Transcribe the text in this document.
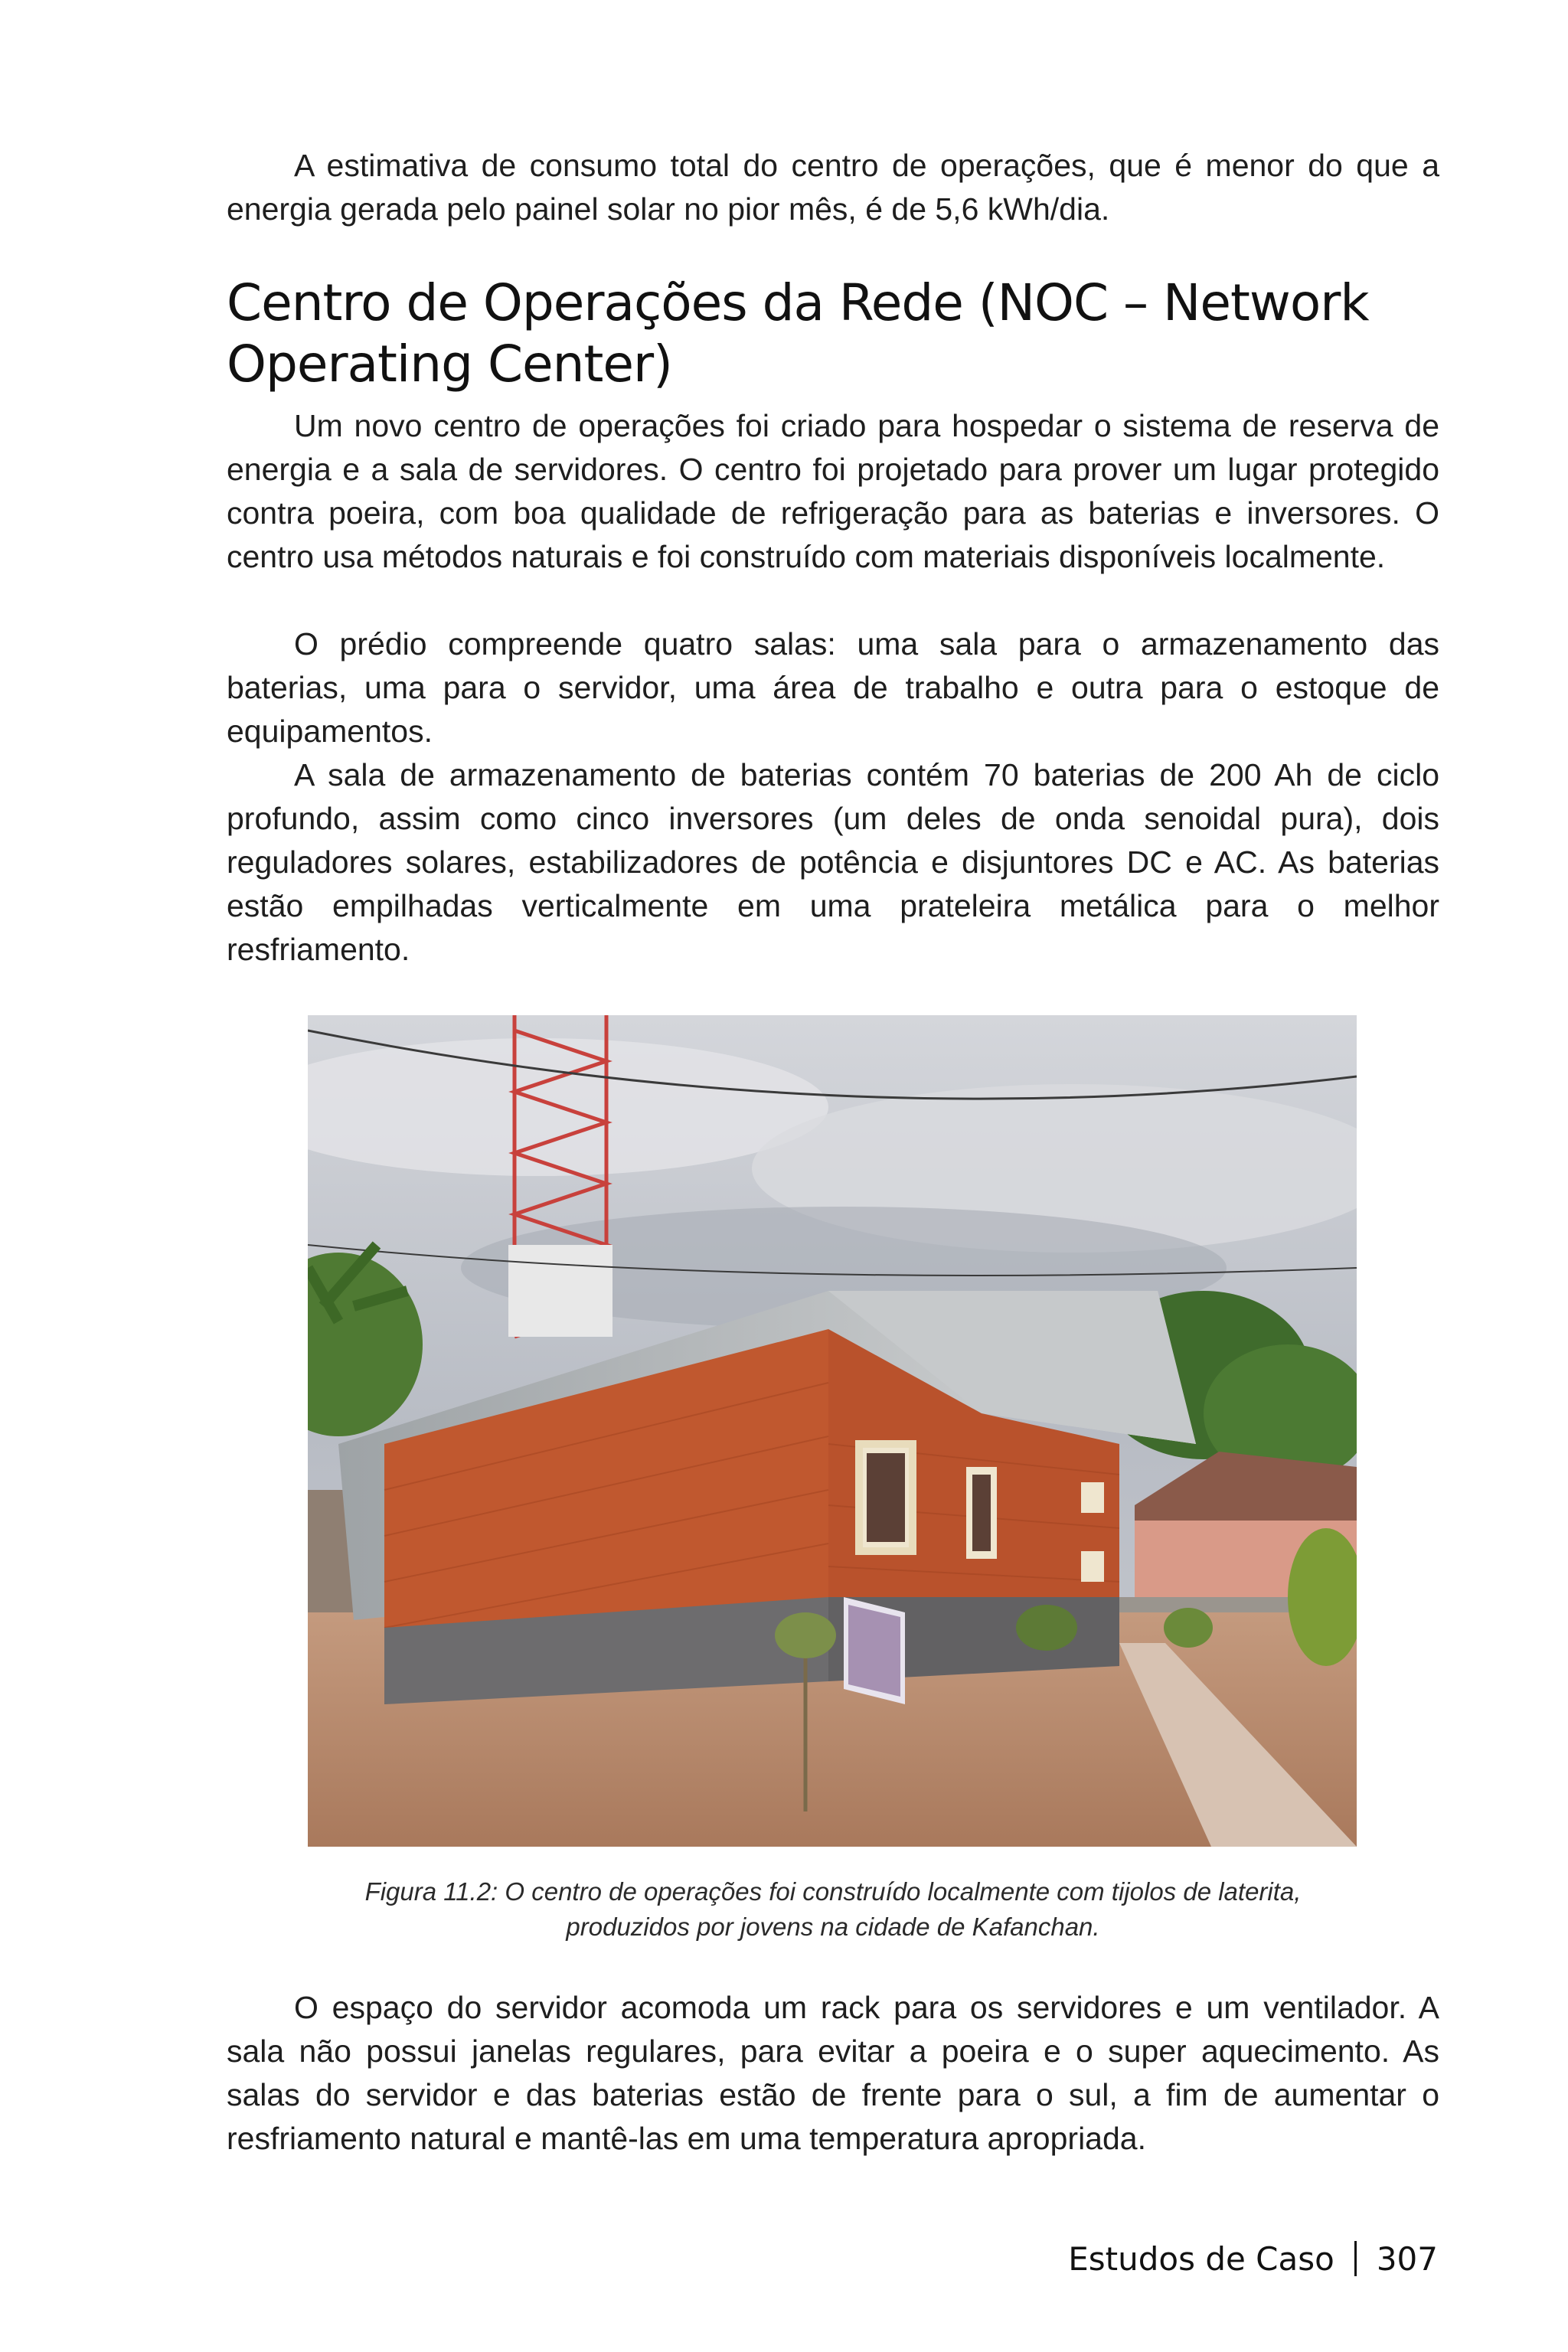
A estimativa de consumo total do centro de operações, que é menor do que a energia gerada pelo painel solar no pior mês, é de 5,6 kWh/dia.

Centro de Operações da Rede (NOC – Network Operating Center)

Um novo centro de operações foi criado para hospedar o sistema de reserva de energia e a sala de servidores. O centro foi projetado para prover um lugar protegido contra poeira, com boa qualidade de refrigeração para as baterias e inversores. O centro usa métodos naturais e foi construído com materiais disponíveis localmente.

O prédio compreende quatro salas: uma sala para o armazenamento das baterias, uma para o servidor, uma área de trabalho e outra para o estoque de equipamentos.

A sala de armazenamento de baterias contém 70 baterias de 200 Ah de ciclo profundo, assim como cinco inversores (um deles de onda senoidal pura), dois reguladores solares, estabilizadores de potência e disjuntores DC e AC. As baterias estão empilhadas verticalmente em uma prateleira metálica para o melhor resfriamento.

Figura 11.2: O centro de operações foi construído localmente com tijolos de laterita,
produzidos por jovens na cidade de Kafanchan.

O espaço do servidor acomoda um rack para os servidores e um ventilador. A sala não possui janelas regulares, para evitar a poeira e o super aquecimento. As salas do servidor e das baterias estão de frente para o sul, a fim de aumentar o resfriamento natural e mantê-las em uma temperatura apropriada.

Estudos de Caso 307
